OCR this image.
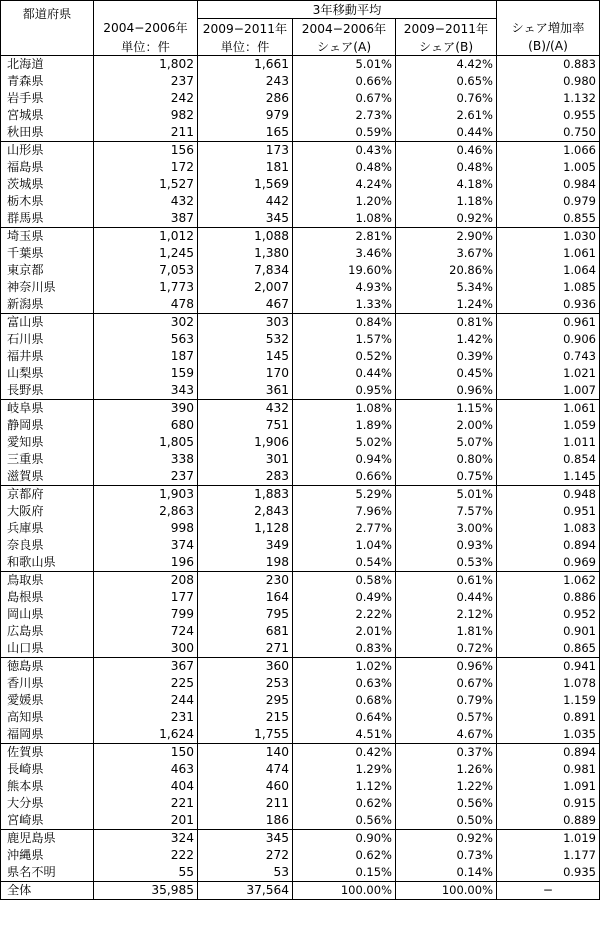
都道府県		3年移動平均			
	2004−2006年	2009−2011年	2004−2006年	2009−2011年	シェア増加率
	単位：件	単位：件	シェア(A)	シェア(B)	(B)/(A)
北海道	1,802	1,661	5.01%	4.42%	0.883
青森県	237	243	0.66%	0.65%	0.980
岩手県	242	286	0.67%	0.76%	1.132
宮城県	982	979	2.73%	2.61%	0.955
秋田県	211	165	0.59%	0.44%	0.750
山形県	156	173	0.43%	0.46%	1.066
福島県	172	181	0.48%	0.48%	1.005
茨城県	1,527	1,569	4.24%	4.18%	0.984
栃木県	432	442	1.20%	1.18%	0.979
群馬県	387	345	1.08%	0.92%	0.855
埼玉県	1,012	1,088	2.81%	2.90%	1.030
千葉県	1,245	1,380	3.46%	3.67%	1.061
東京都	7,053	7,834	19.60%	20.86%	1.064
神奈川県	1,773	2,007	4.93%	5.34%	1.085
新潟県	478	467	1.33%	1.24%	0.936
富山県	302	303	0.84%	0.81%	0.961
石川県	563	532	1.57%	1.42%	0.906
福井県	187	145	0.52%	0.39%	0.743
山梨県	159	170	0.44%	0.45%	1.021
長野県	343	361	0.95%	0.96%	1.007
岐阜県	390	432	1.08%	1.15%	1.061
静岡県	680	751	1.89%	2.00%	1.059
愛知県	1,805	1,906	5.02%	5.07%	1.011
三重県	338	301	0.94%	0.80%	0.854
滋賀県	237	283	0.66%	0.75%	1.145
京都府	1,903	1,883	5.29%	5.01%	0.948
大阪府	2,863	2,843	7.96%	7.57%	0.951
兵庫県	998	1,128	2.77%	3.00%	1.083
奈良県	374	349	1.04%	0.93%	0.894
和歌山県	196	198	0.54%	0.53%	0.969
鳥取県	208	230	0.58%	0.61%	1.062
島根県	177	164	0.49%	0.44%	0.886
岡山県	799	795	2.22%	2.12%	0.952
広島県	724	681	2.01%	1.81%	0.901
山口県	300	271	0.83%	0.72%	0.865
徳島県	367	360	1.02%	0.96%	0.941
香川県	225	253	0.63%	0.67%	1.078
愛媛県	244	295	0.68%	0.79%	1.159
高知県	231	215	0.64%	0.57%	0.891
福岡県	1,624	1,755	4.51%	4.67%	1.035
佐賀県	150	140	0.42%	0.37%	0.894
長崎県	463	474	1.29%	1.26%	0.981
熊本県	404	460	1.12%	1.22%	1.091
大分県	221	211	0.62%	0.56%	0.915
宮崎県	201	186	0.56%	0.50%	0.889
鹿児島県	324	345	0.90%	0.92%	1.019
沖縄県	222	272	0.62%	0.73%	1.177
県名不明	55	53	0.15%	0.14%	0.935
全体	35,985	37,564	100.00%	100.00%	−
